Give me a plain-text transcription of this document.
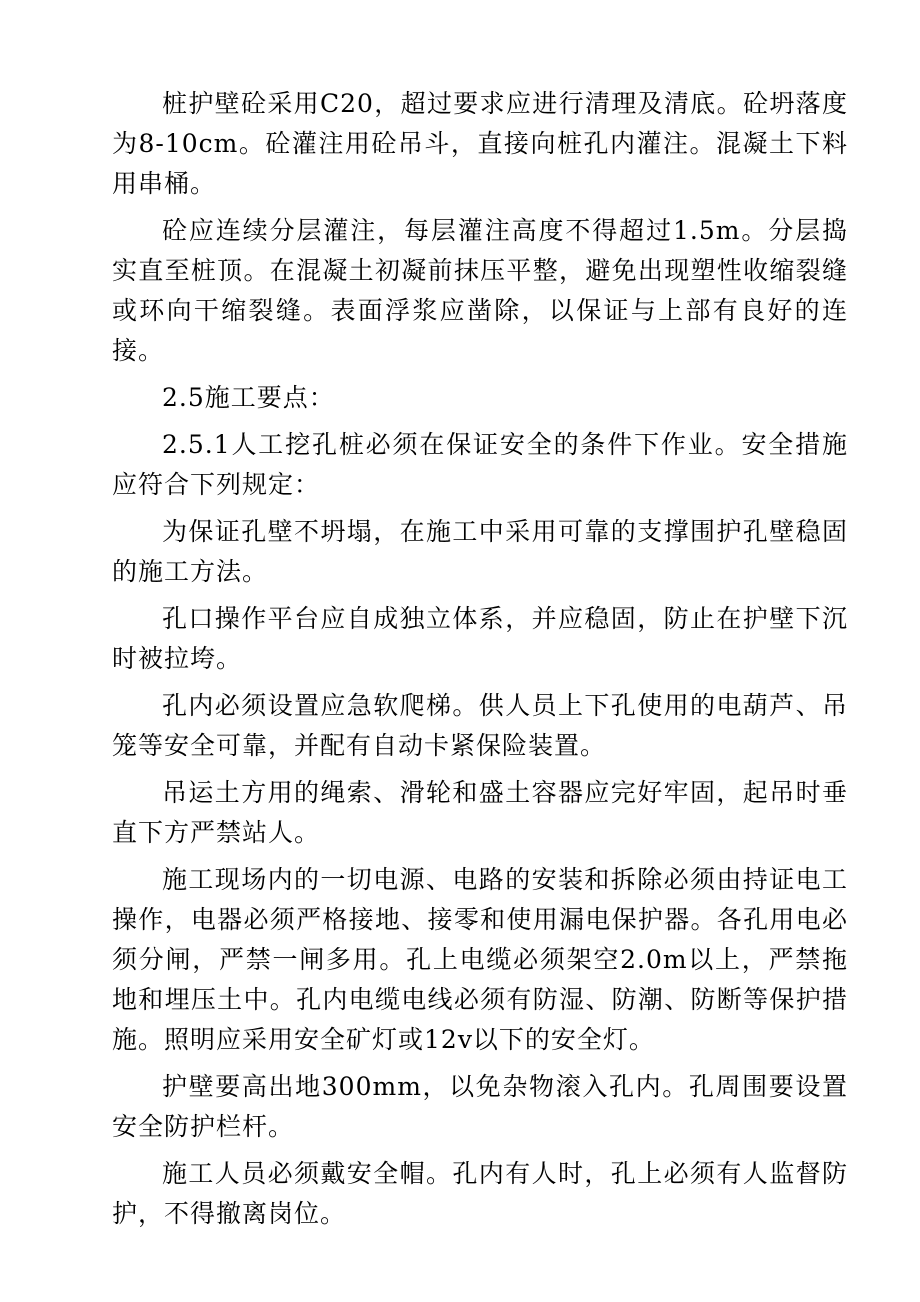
桩护壁砼采用C20，超过要求应进行清理及清底。砼坍落度为8-10cm。砼灌注用砼吊斗，直接向桩孔内灌注。混凝土下料用串桶。

砼应连续分层灌注，每层灌注高度不得超过1.5m。分层捣实直至桩顶。在混凝土初凝前抹压平整，避免出现塑性收缩裂缝或环向干缩裂缝。表面浮浆应凿除，以保证与上部有良好的连接。

2.5施工要点：

2.5.1人工挖孔桩必须在保证安全的条件下作业。安全措施应符合下列规定：

为保证孔壁不坍塌，在施工中采用可靠的支撑围护孔壁稳固的施工方法。

孔口操作平台应自成独立体系，并应稳固，防止在护壁下沉时被拉垮。

孔内必须设置应急软爬梯。供人员上下孔使用的电葫芦、吊笼等安全可靠，并配有自动卡紧保险装置。

吊运土方用的绳索、滑轮和盛土容器应完好牢固，起吊时垂直下方严禁站人。

施工现场内的一切电源、电路的安装和拆除必须由持证电工操作，电器必须严格接地、接零和使用漏电保护器。各孔用电必须分闸，严禁一闸多用。孔上电缆必须架空2.0m以上，严禁拖地和埋压土中。孔内电缆电线必须有防湿、防潮、防断等保护措施。照明应采用安全矿灯或12v以下的安全灯。

护壁要高出地300mm，以免杂物滚入孔内。孔周围要设置安全防护栏杆。

施工人员必须戴安全帽。孔内有人时，孔上必须有人监督防护，不得撤离岗位。
